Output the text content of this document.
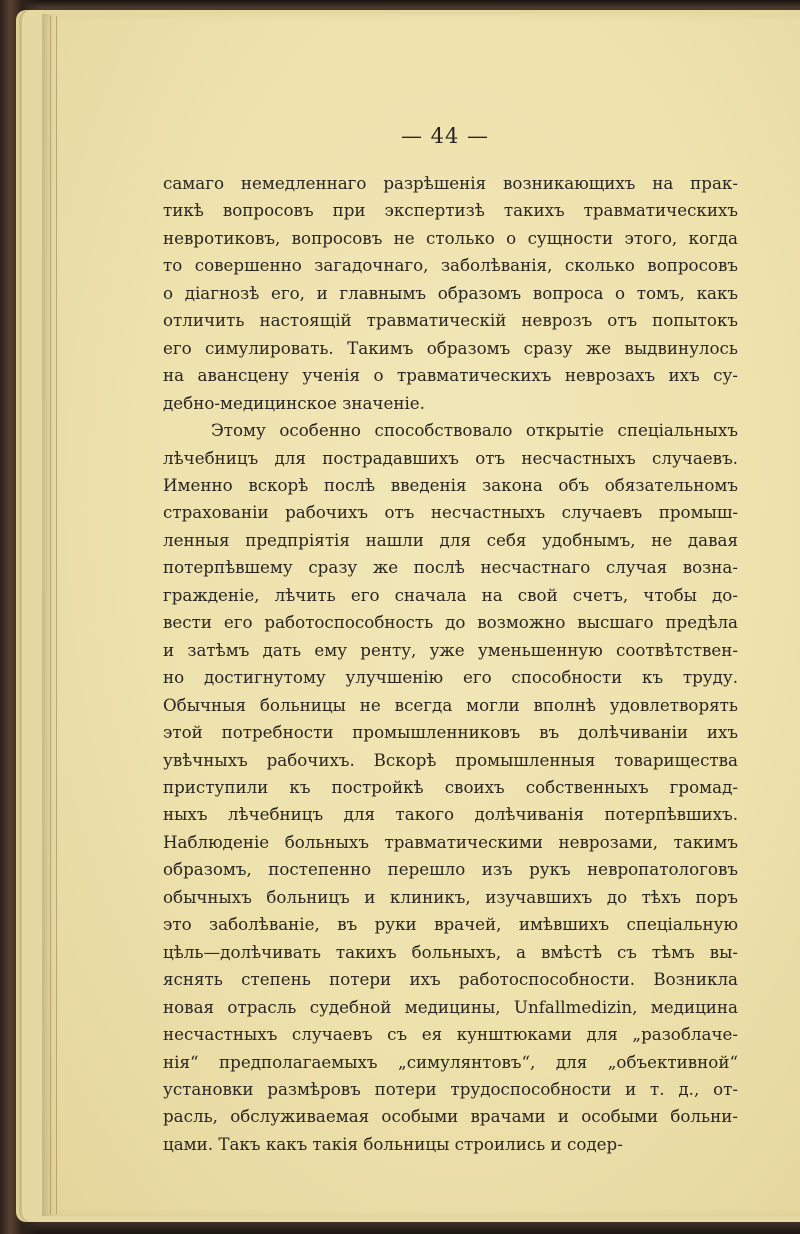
— 44 —
самаго немедленнаго разрѣшенія возникающихъ на прак-
тикѣ вопросовъ при экспертизѣ такихъ травматическихъ
невротиковъ, вопросовъ не столько о сущности этого, когда
то совершенно загадочнаго, заболѣванія, сколько вопросовъ
о діагнозѣ его, и главнымъ образомъ вопроса о томъ, какъ
отличить настоящій травматическій неврозъ отъ попытокъ
его симулировать. Такимъ образомъ сразу же выдвинулось
на авансцену ученія о травматическихъ неврозахъ ихъ су-
дебно-медицинское значеніе.
Этому особенно способствовало открытіе спеціальныхъ
лѣчебницъ для пострадавшихъ отъ несчастныхъ случаевъ.
Именно вскорѣ послѣ введенія закона объ обязательномъ
страхованіи рабочихъ отъ несчастныхъ случаевъ промыш-
ленныя предпріятія нашли для себя удобнымъ, не давая
потерпѣвшему сразу же послѣ несчастнаго случая возна-
гражденіе, лѣчить его сначала на свой счетъ, чтобы до-
вести его работоспособность до возможно высшаго предѣла
и затѣмъ дать ему ренту, уже уменьшенную соотвѣтствен-
но достигнутому улучшенію его способности къ труду.
Обычныя больницы не всегда могли вполнѣ удовлетворять
этой потребности промышленниковъ въ долѣчиваніи ихъ
увѣчныхъ рабочихъ. Вскорѣ промышленныя товарищества
приступили къ постройкѣ своихъ собственныхъ громад-
ныхъ лѣчебницъ для такого долѣчиванія потерпѣвшихъ.
Наблюденіе больныхъ травматическими неврозами, такимъ
образомъ, постепенно перешло изъ рукъ невропатологовъ
обычныхъ больницъ и клиникъ, изучавшихъ до тѣхъ поръ
это заболѣваніе, въ руки врачей, имѣвшихъ спеціальную
цѣль—долѣчивать такихъ больныхъ, а вмѣстѣ съ тѣмъ вы-
яснять степень потери ихъ работоспособности. Возникла
новая отрасль судебной медицины, Unfallmedizin, медицина
несчастныхъ случаевъ съ ея кунштюками для „разоблаче-
нія“ предполагаемыхъ „симулянтовъ“, для „объективной“
установки размѣровъ потери трудоспособности и т. д., от-
расль, обслуживаемая особыми врачами и особыми больни-
цами. Такъ какъ такія больницы строились и содер-
